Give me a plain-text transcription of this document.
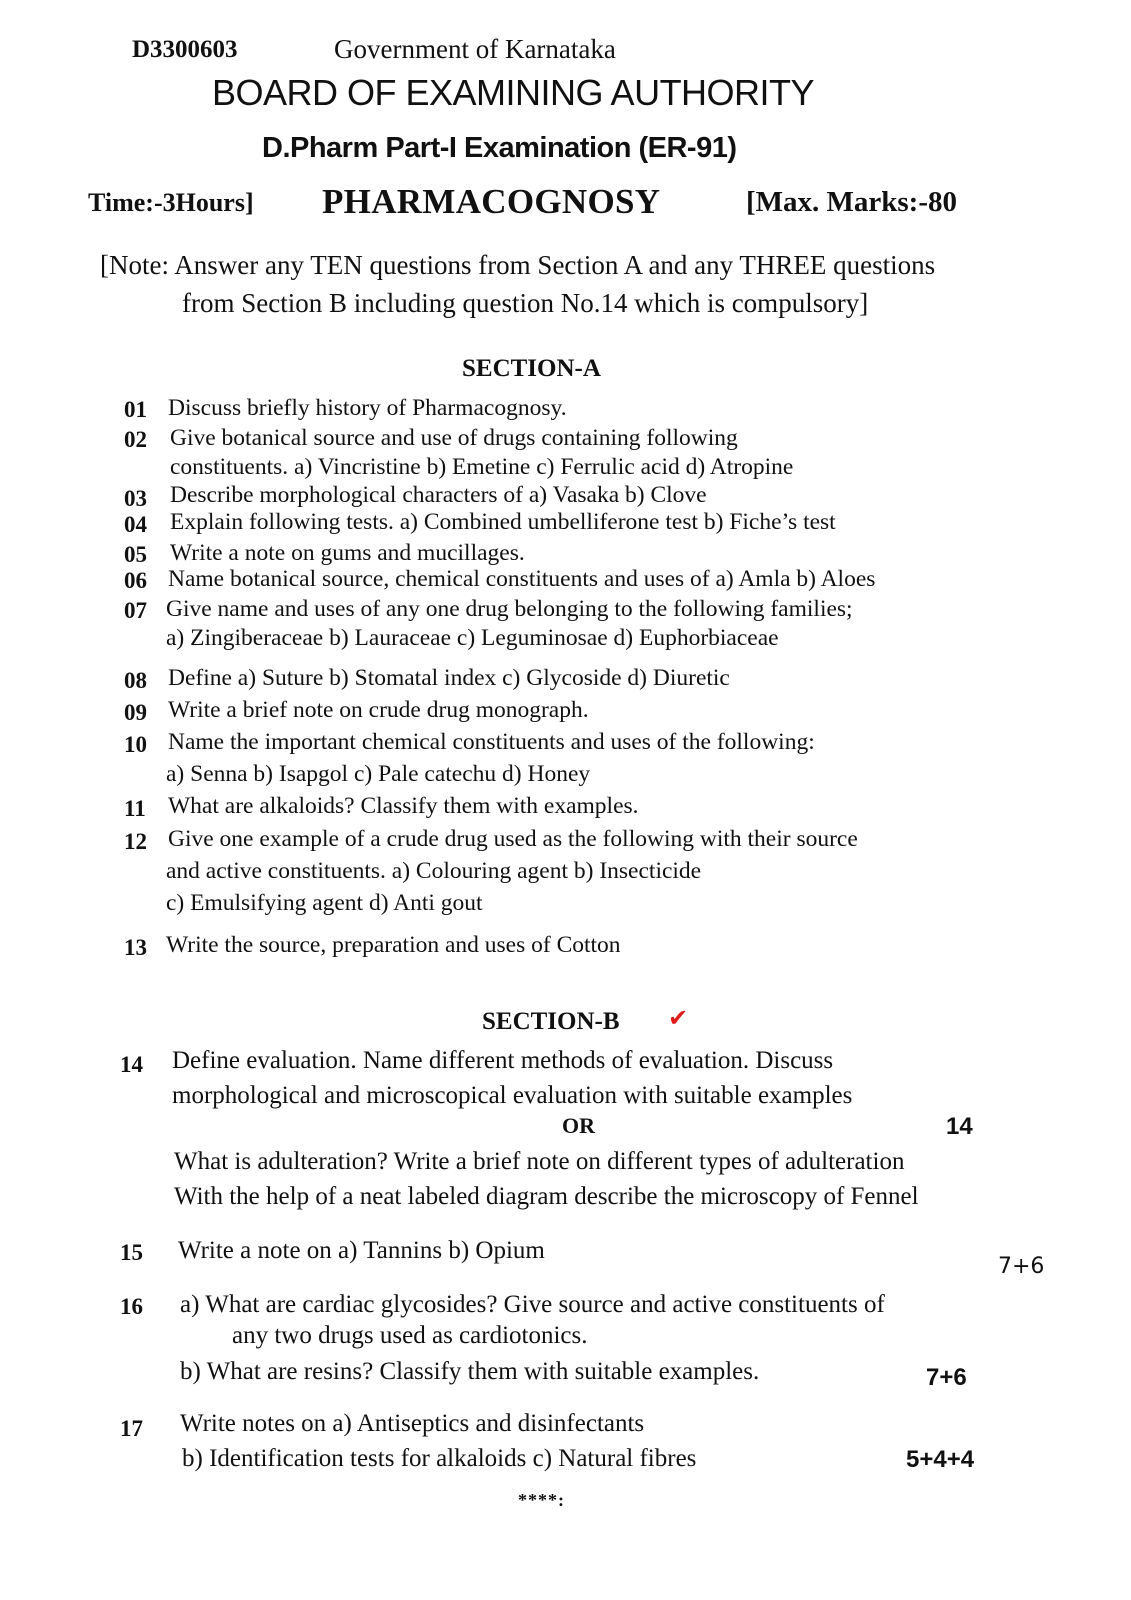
D3300603	Government of Karnataka
BOARD OF EXAMINING AUTHORITY
D.Pharm Part-I Examination (ER-91)
Time:-3Hours] PHARMACOGNOSY	[Max. Marks:-80
[Note: Answer any TEN questions from Section A and any THREE questions
from Section B including question No.14 which is compulsory]
SECTION-A
01 Discuss briefly history of Pharmacognosy.
02 Give botanical source and use of drugs containing following
constituents. a) Vincristine b) Emetine c) Ferrulic acid d) Atropine
03 Describe morphological characters of a) Vasaka b) Clove
04 Explain following tests. a) Combined umbelliferone test b) Fiche’s test
05 Write a note on gums and mucillages.
06 Name botanical source, chemical constituents and uses of a) Amla b) Aloes
07 Give name and uses of any one drug belonging to the following families;
a) Zingiberaceae b) Lauraceae c) Leguminosae d) Euphorbiaceae
08 Define a) Suture b) Stomatal index c) Glycoside d) Diuretic
09 Write a brief note on crude drug monograph.
10 Name the important chemical constituents and uses of the following:
a) Senna b) Isapgol c) Pale catechu d) Honey
11 What are alkaloids? Classify them with examples.
12 Give one example of a crude drug used as the following with their source
and active constituents. a) Colouring agent b) Insecticide
c) Emulsifying agent d) Anti gout
13 Write the source, preparation and uses of Cotton
SECTION-B ✔
14 Define evaluation. Name different methods of evaluation. Discuss
morphological and microscopical evaluation with suitable examples
OR	14
What is adulteration? Write a brief note on different types of adulteration
With the help of a neat labeled diagram describe the microscopy of Fennel
15 Write a note on a) Tannins b) Opium
7+6
16 a) What are cardiac glycosides? Give source and active constituents of
any two drugs used as cardiotonics.
b) What are resins? Classify them with suitable examples.	7+6
17 Write notes on a) Antiseptics and disinfectants
b) Identification tests for alkaloids c) Natural fibres	5+4+4
****:
